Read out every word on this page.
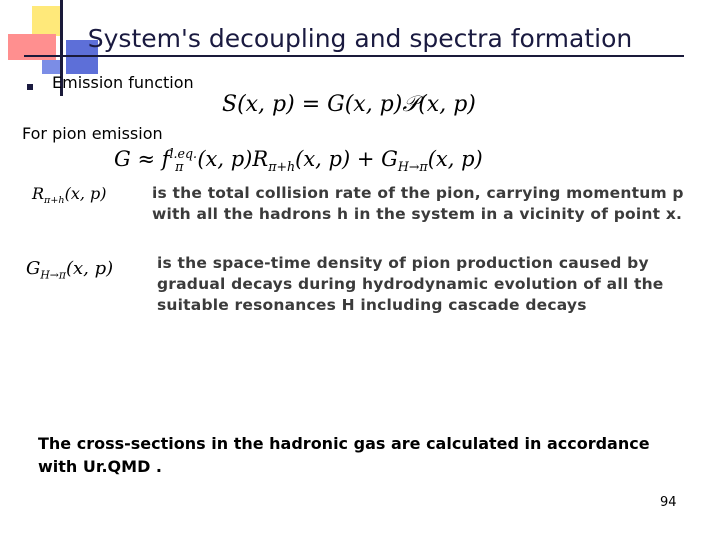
System's decoupling and spectra formation
Emission function
S(x, p) = G(x, p)𝒫(x, p)
For pion emission
$G \approx f^{l.eq.}_\pi$ (x, $p)R_{\pi+h}(x$, $p) + G_{H\to\pi}(x$, p)
$R_{\pi+h}(x$, p)	is the total collision rate of the pion, carrying momentum p with all the hadrons h in the system in a vicinity of point x.
$G_{H\to\pi}(x$, p)	is the space-time density of pion production caused by gradual decays during hydrodynamic evolution of all the suitable resonances H including cascade decays
The cross-sections in the hadronic gas are calculated in accordance with Ur.QMD .
94
